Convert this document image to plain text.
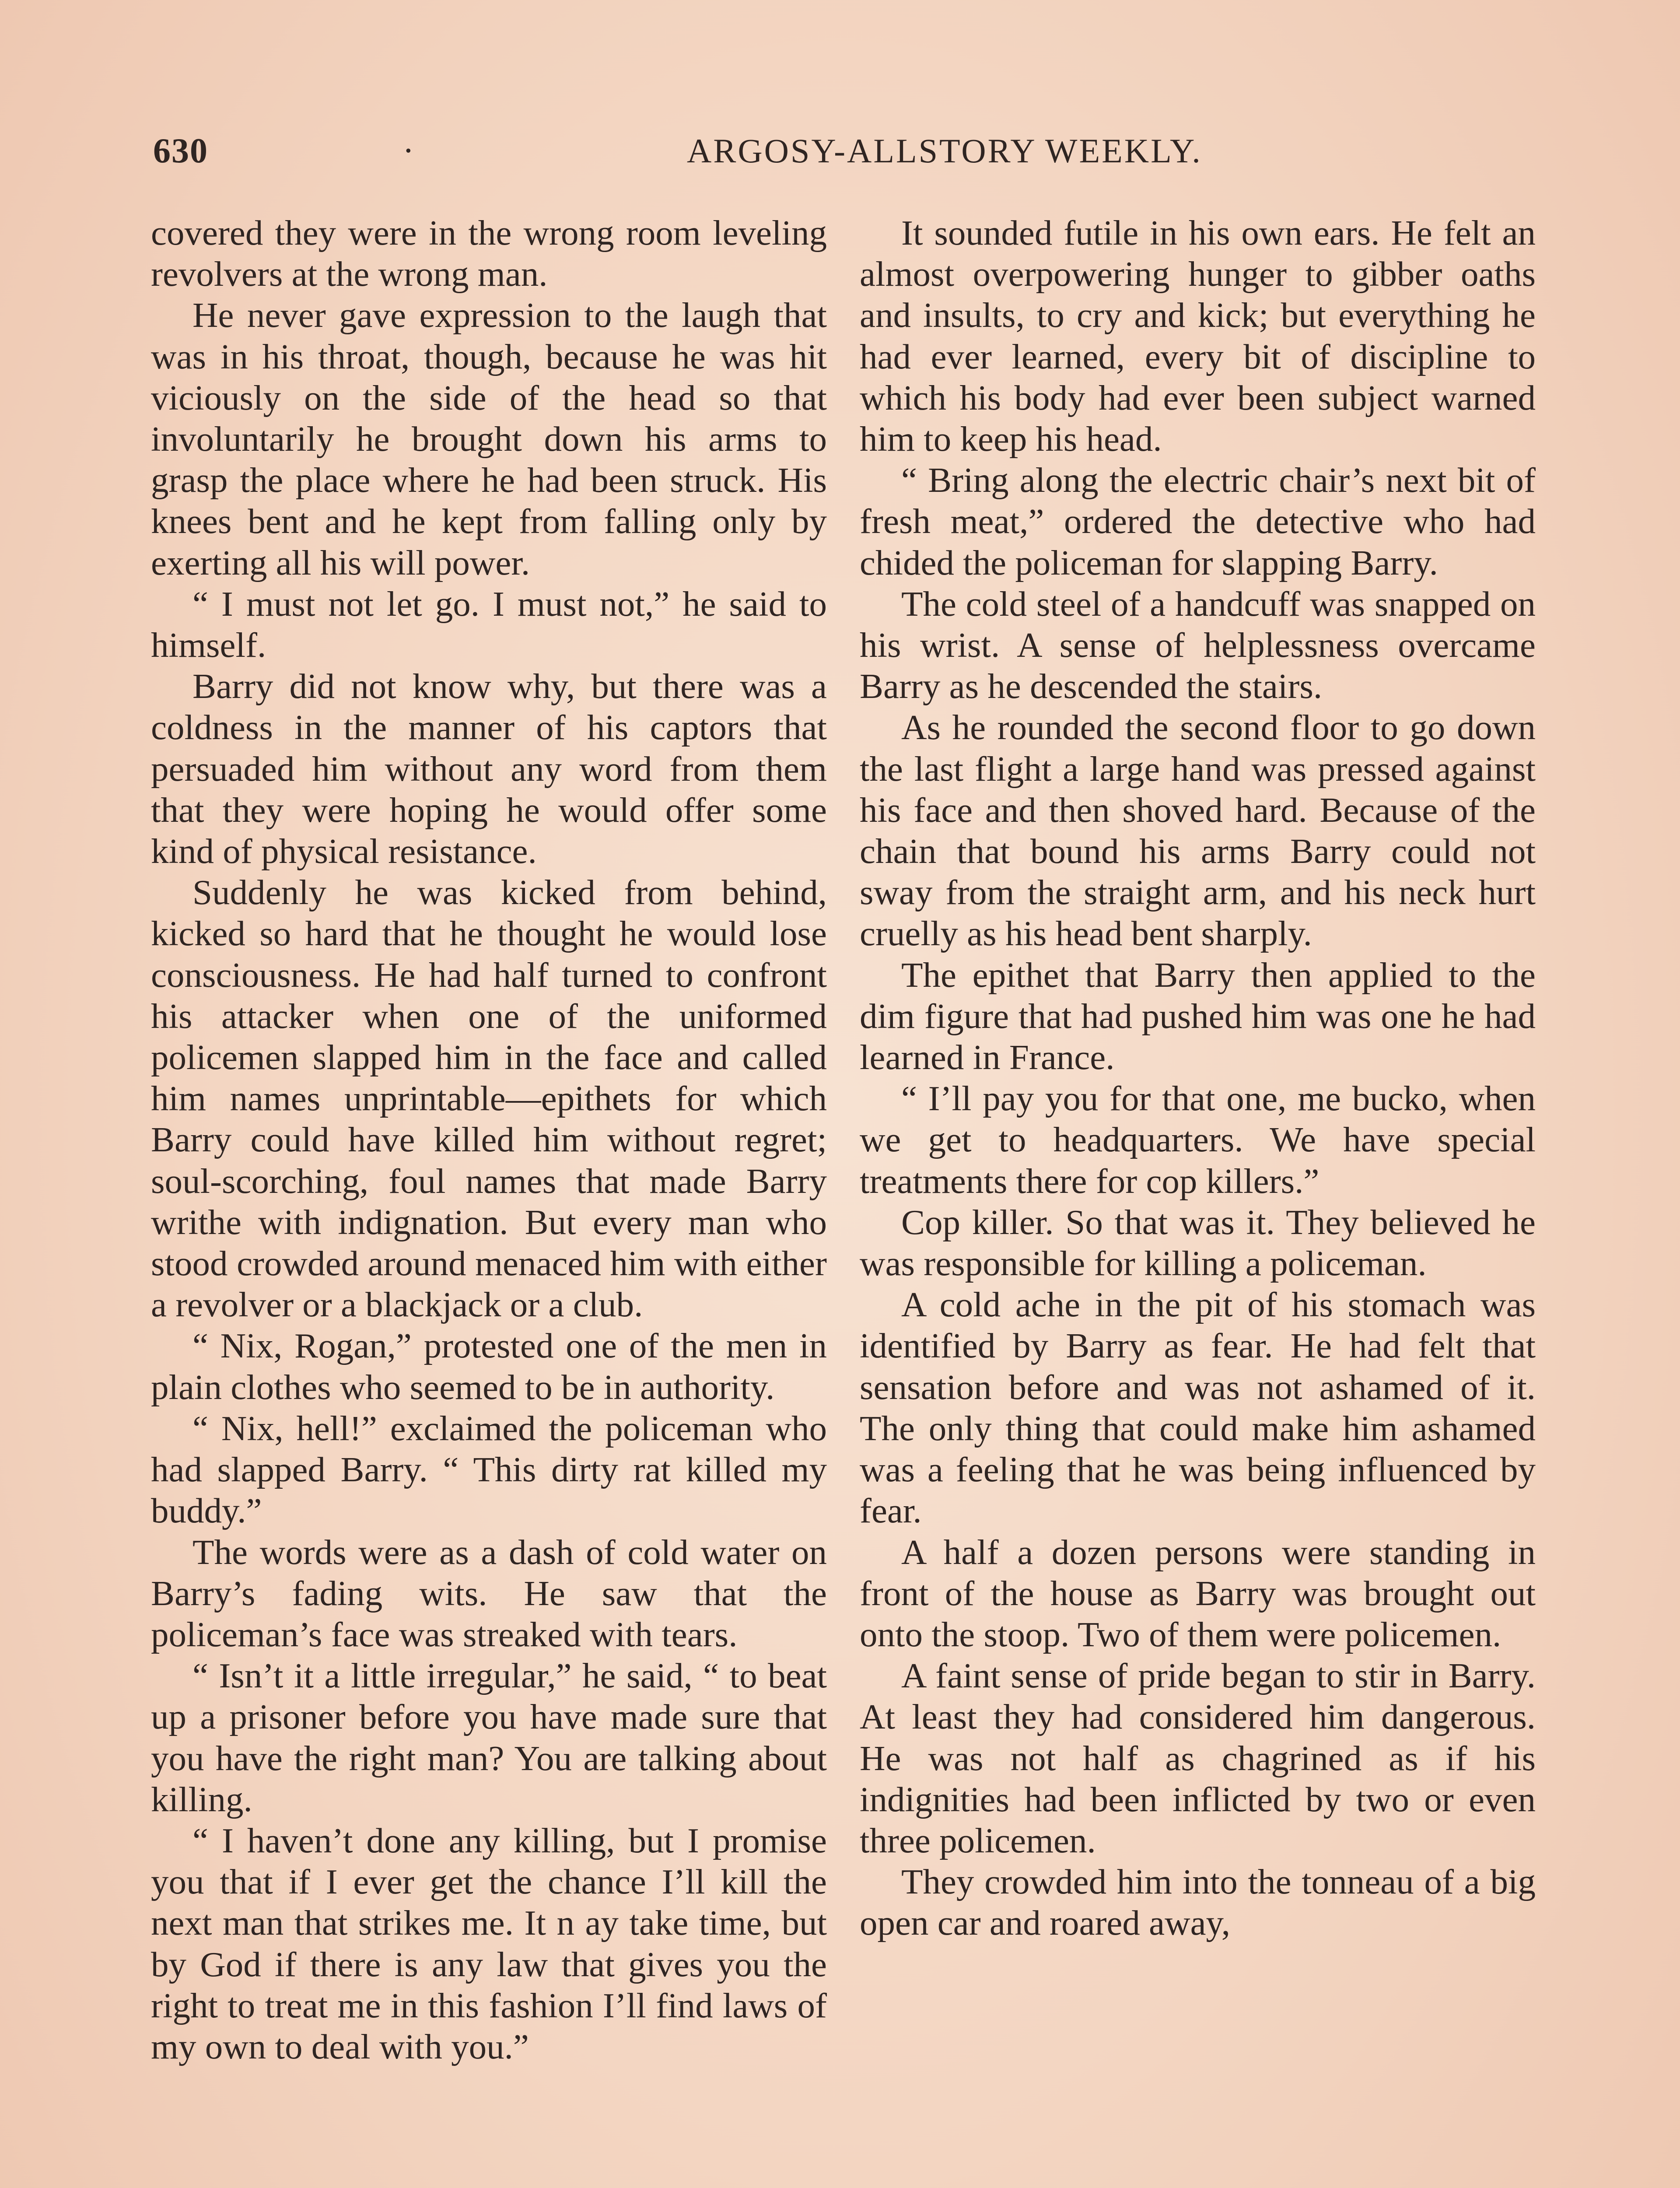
630	·	ARGOSY-ALLSTORY WEEKLY.

covered they were in the wrong room leveling revolvers at the wrong man.

He never gave expression to the laugh that was in his throat, though, because he was hit viciously on the side of the head so that involuntarily he brought down his arms to grasp the place where he had been struck. His knees bent and he kept from falling only by exerting all his will power.

“ I must not let go. I must not,” he said to himself.

Barry did not know why, but there was a coldness in the manner of his captors that persuaded him without any word from them that they were hoping he would offer some kind of physical resistance.

Suddenly he was kicked from behind, kicked so hard that he thought he would lose consciousness. He had half turned to confront his attacker when one of the uniformed policemen slapped him in the face and called him names unprintable—epithets for which Barry could have killed him without regret; soul-scorching, foul names that made Barry writhe with indignation. But every man who stood crowded around menaced him with either a revolver or a blackjack or a club.

“ Nix, Rogan,” protested one of the men in plain clothes who seemed to be in authority.

“ Nix, hell!” exclaimed the policeman who had slapped Barry. “ This dirty rat killed my buddy.”

The words were as a dash of cold water on Barry’s fading wits. He saw that the policeman’s face was streaked with tears.

“ Isn’t it a little irregular,” he said, “ to beat up a prisoner before you have made sure that you have the right man? You are talking about killing.

“ I haven’t done any killing, but I promise you that if I ever get the chance I’ll kill the next man that strikes me. It n ay take time, but by God if there is any law that gives you the right to treat me in this fashion I’ll find laws of my own to deal with you.”

It sounded futile in his own ears. He felt an almost overpowering hunger to gibber oaths and insults, to cry and kick; but everything he had ever learned, every bit of discipline to which his body had ever been subject warned him to keep his head.

“ Bring along the electric chair’s next bit of fresh meat,” ordered the detective who had chided the policeman for slapping Barry.

The cold steel of a handcuff was snapped on his wrist. A sense of helplessness overcame Barry as he descended the stairs.

As he rounded the second floor to go down the last flight a large hand was pressed against his face and then shoved hard. Because of the chain that bound his arms Barry could not sway from the straight arm, and his neck hurt cruelly as his head bent sharply.

The epithet that Barry then applied to the dim figure that had pushed him was one he had learned in France.

“ I’ll pay you for that one, me bucko, when we get to headquarters. We have special treatments there for cop killers.”

Cop killer. So that was it. They believed he was responsible for killing a policeman.

A cold ache in the pit of his stomach was identified by Barry as fear. He had felt that sensation before and was not ashamed of it. The only thing that could make him ashamed was a feeling that he was being influenced by fear.

A half a dozen persons were standing in front of the house as Barry was brought out onto the stoop. Two of them were policemen.

A faint sense of pride began to stir in Barry. At least they had considered him dangerous. He was not half as chagrined as if his indignities had been inflicted by two or even three policemen.

They crowded him into the tonneau of a big open car and roared away,
